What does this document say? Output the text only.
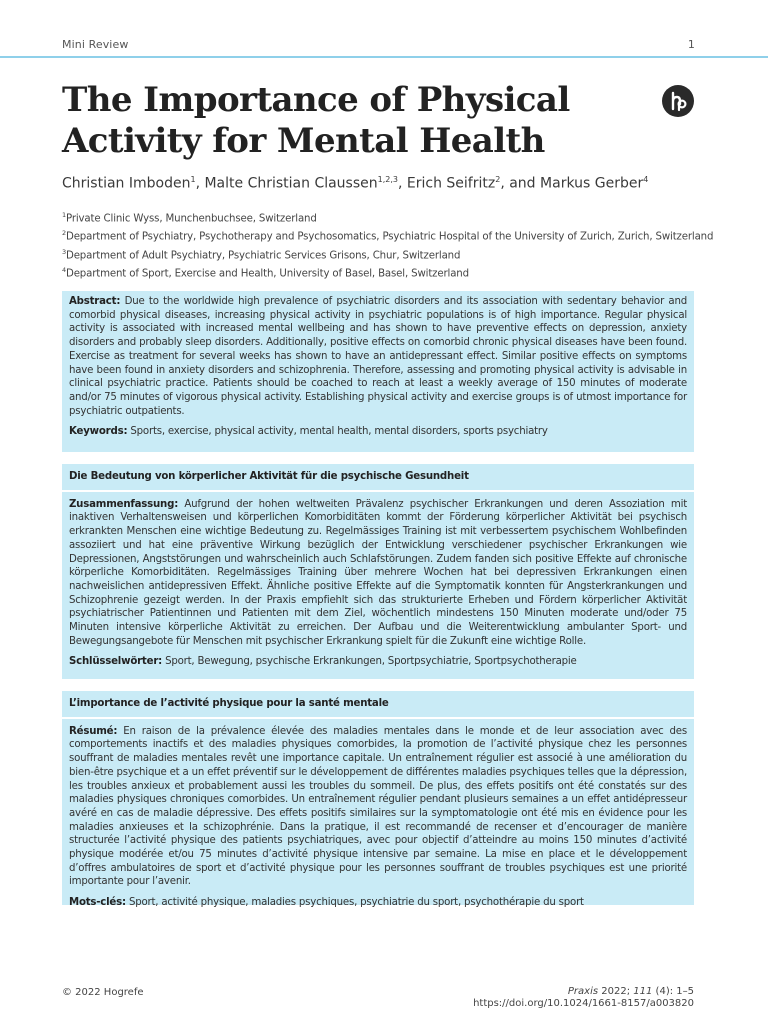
Mini Review	1
The Importance of Physical Activity for Mental Health
Christian Imboden$^1$, Malte Christian Claussen$^{1,2,3}$, Erich Seifritz$^2$, and Markus Gerber$^4$
$^1$Private Clinic Wyss, Munchenbuchsee, Switzerland
$^2$Department of Psychiatry, Psychotherapy and Psychosomatics, Psychiatric Hospital of the University of Zurich, Zurich, Switzerland
$^3$Department of Adult Psychiatry, Psychiatric Services Grisons, Chur, Switzerland
$^4$Department of Sport, Exercise and Health, University of Basel, Basel, Switzerland

Abstract: Due to the worldwide high prevalence of psychiatric disorders and its association with sedentary behavior and comorbid physical diseases, increasing physical activity in psychiatric populations is of high importance. Regular physical activity is associated with increased mental wellbeing and has shown to have preventive effects on depression, anxiety disorders and probably sleep disorders. Additionally, positive effects on comorbid chronic physical diseases have been found. Exercise as treatment for several weeks has shown to have an antidepressant effect. Similar positive effects on symptoms have been found in anxiety disorders and schizophrenia. Therefore, assessing and promoting physical activity is advisable in clinical psychiatric practice. Patients should be coached to reach at least a weekly average of 150 minutes of moderate and/or 75 minutes of vigorous physical activity. Establishing physical activity and exercise groups is of utmost importance for psychiatric outpatients.

Keywords: Sports, exercise, physical activity, mental health, mental disorders, sports psychiatry

Die Bedeutung von körperlicher Aktivität für die psychische Gesundheit

Zusammenfassung: Aufgrund der hohen weltweiten Prävalenz psychischer Erkrankungen und deren Assoziation mit inaktiven Verhaltensweisen und körperlichen Komorbiditäten kommt der Förderung körperlicher Aktivität bei psychisch erkrankten Menschen eine wichtige Bedeutung zu. Regelmässiges Training ist mit verbessertem psychischem Wohlbefinden assoziiert und hat eine präventive Wirkung bezüglich der Entwicklung verschiedener psychischer Erkrankungen wie Depressionen, Angststörungen und wahrscheinlich auch Schlafstörungen. Zudem fanden sich positive Effekte auf chronische körperliche Komorbiditäten. Regelmässiges Training über mehrere Wochen hat bei depressiven Erkrankungen einen nachweislichen antidepressiven Effekt. Ähnliche positive Effekte auf die Symptomatik konnten für Angsterkrankungen und Schizophrenie gezeigt werden. In der Praxis empfiehlt sich das strukturierte Erheben und Fördern körperlicher Aktivität psychiatrischer Patientinnen und Patienten mit dem Ziel, wöchentlich mindestens 150 Minuten moderate und/oder 75 Minuten intensive körperliche Aktivität zu erreichen. Der Aufbau und die Weiterentwicklung ambulanter Sport- und Bewegungsangebote für Menschen mit psychischer Erkrankung spielt für die Zukunft eine wichtige Rolle.

Schlüsselwörter: Sport, Bewegung, psychische Erkrankungen, Sportpsychiatrie, Sportpsychotherapie

L’importance de l’activité physique pour la santé mentale

Résumé: En raison de la prévalence élevée des maladies mentales dans le monde et de leur association avec des comportements inactifs et des maladies physiques comorbides, la promotion de l’activité physique chez les personnes souffrant de maladies mentales revêt une importance capitale. Un entraînement régulier est associé à une amélioration du bien-être psychique et a un effet préventif sur le développement de différentes maladies psychiques telles que la dépression, les troubles anxieux et probablement aussi les troubles du sommeil. De plus, des effets positifs ont été constatés sur des maladies physiques chroniques comorbides. Un entraînement régulier pendant plusieurs semaines a un effet antidépresseur avéré en cas de maladie dépressive. Des effets positifs similaires sur la symptomatologie ont été mis en évidence pour les maladies anxieuses et la schizophrénie. Dans la pratique, il est recommandé de recenser et d’encourager de manière structurée l’activité physique des patients psychiatriques, avec pour objectif d’atteindre au moins 150 minutes d’activité physique modérée et/ou 75 minutes d’activité physique intensive par semaine. La mise en place et le développement d’offres ambulatoires de sport et d’activité physique pour les personnes souffrant de troubles psychiques est une priorité importante pour l’avenir.

Mots-clés: Sport, activité physique, maladies psychiques, psychiatrie du sport, psychothérapie du sport

© 2022 Hogrefe	Praxis 2022; 111 (4): 1–5
https://doi.org/10.1024/1661-8157/a003820
